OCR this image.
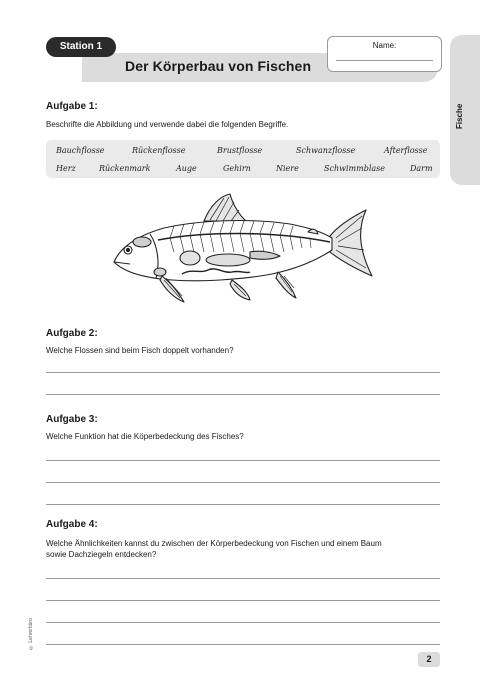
Der Körperbau von Fischen
Station 1	Name:
Fische
Aufgabe 1:
Beschrifte die Abbildung und verwende dabei die folgenden Begriffe.
Bauchflosse	Rückenflosse	Brustflosse	Schwanzflosse	Afterflosse
Herz	Rückenmark	Auge	Gehirn	Niere	Schwimmblase	Darm
Aufgabe 2:
Welche Flossen sind beim Fisch doppelt vorhanden?
Aufgabe 3:
Welche Funktion hat die Köperbedeckung des Fisches?
Aufgabe 4:
Welche Ähnlichkeiten kannst du zwischen der Körperbedeckung von Fischen und einem Baum
sowie Dachziegeln entdecken?
© Lehrerbüro
2
